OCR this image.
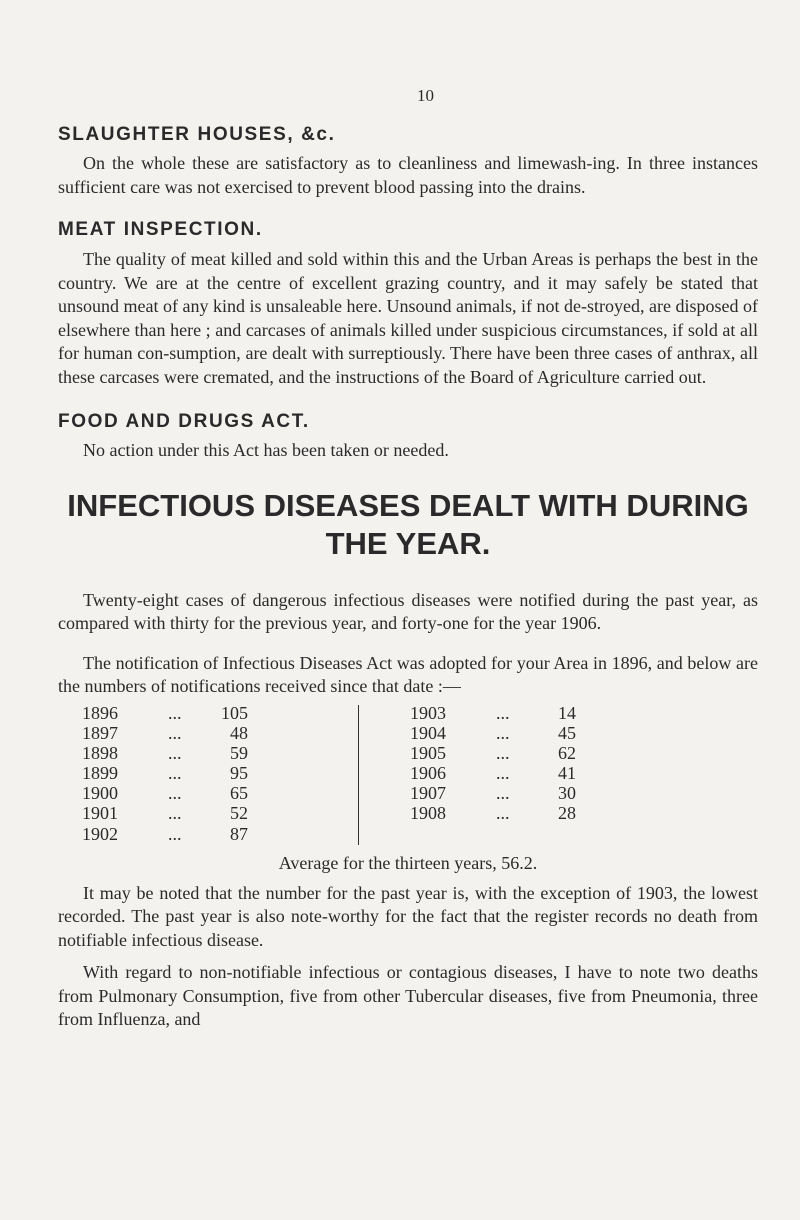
10
SLAUGHTER HOUSES, &c.

On the whole these are satisfactory as to cleanliness and limewash-ing. In three instances sufficient care was not exercised to prevent blood passing into the drains.

MEAT INSPECTION.

The quality of meat killed and sold within this and the Urban Areas is perhaps the best in the country. We are at the centre of excellent grazing country, and it may safely be stated that unsound meat of any kind is unsaleable here. Unsound animals, if not de-stroyed, are disposed of elsewhere than here ; and carcases of animals killed under suspicious circumstances, if sold at all for human con-sumption, are dealt with surreptiously. There have been three cases of anthrax, all these carcases were cremated, and the instructions of the Board of Agriculture carried out.

FOOD AND DRUGS ACT.

No action under this Act has been taken or needed.

INFECTIOUS DISEASES DEALT WITH DURING THE YEAR.

Twenty-eight cases of dangerous infectious diseases were notified during the past year, as compared with thirty for the previous year, and forty-one for the year 1906.

The notification of Infectious Diseases Act was adopted for your Area in 1896, and below are the numbers of notifications received since that date :—

1896	... 105
1897	...	48
1898	...	59
1899	...	95
1900	...	65
1901	...	52
1902	...	87
1903	...	14
1904	...	45
1905	...	62
1906	...	41
1907	...	30
1908	...	28
Average for the thirteen years, 56.2.

It may be noted that the number for the past year is, with the exception of 1903, the lowest recorded. The past year is also note-worthy for the fact that the register records no death from notifiable infectious disease.

With regard to non-notifiable infectious or contagious diseases, I have to note two deaths from Pulmonary Consumption, five from other Tubercular diseases, five from Pneumonia, three from Influenza, and
